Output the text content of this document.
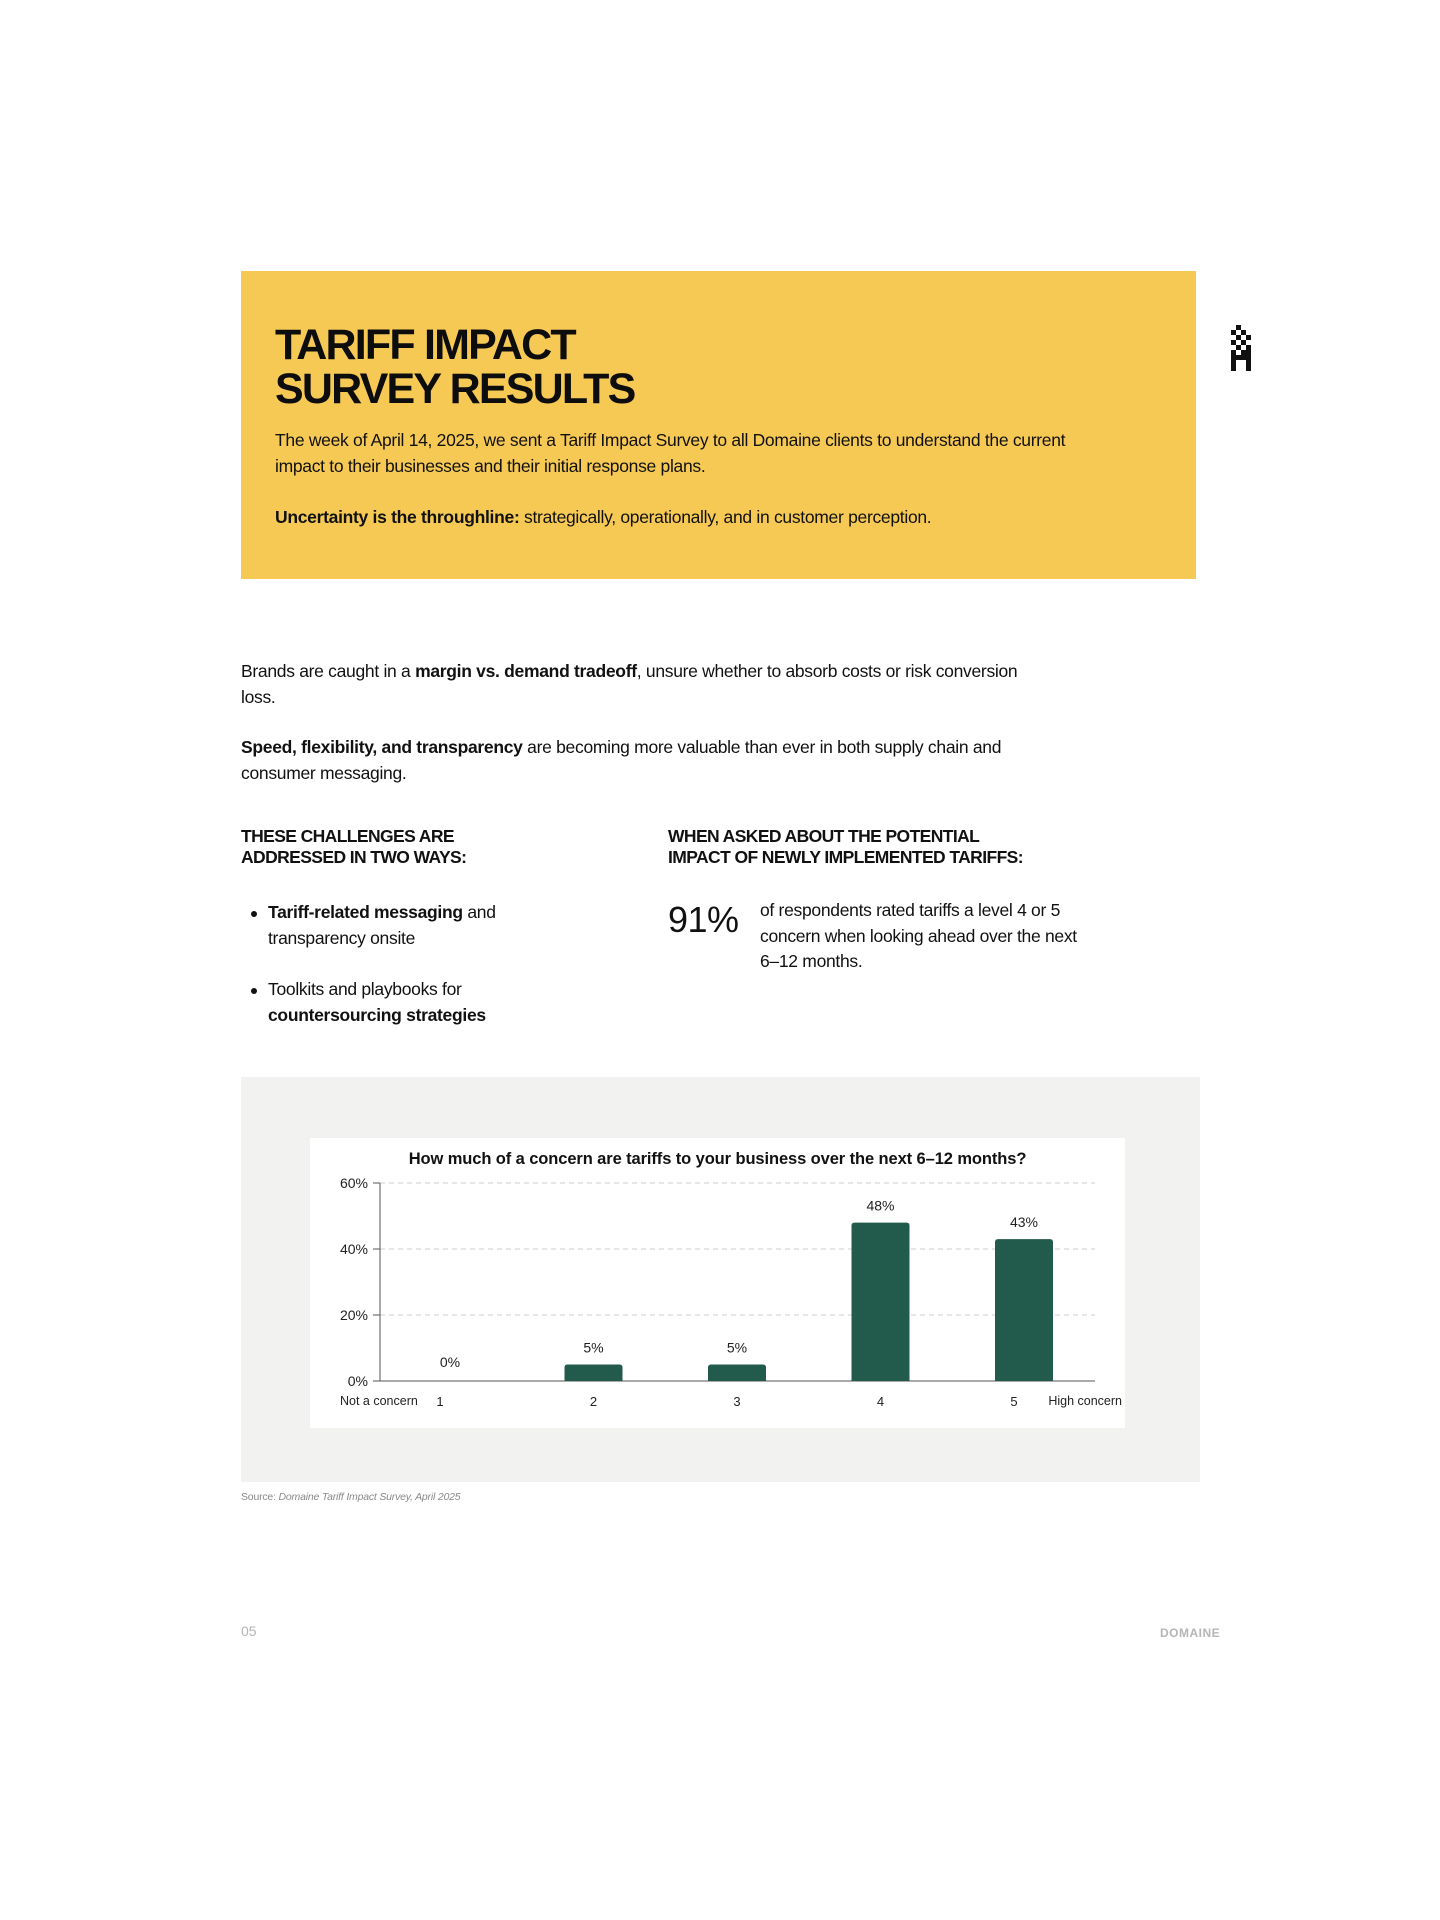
TARIFF IMPACT
SURVEY RESULTS

The week of April 14, 2025, we sent a Tariff Impact Survey to all Domaine clients to understand the current impact to their businesses and their initial response plans.

Uncertainty is the throughline: strategically, operationally, and in customer perception.

Brands are caught in a margin vs. demand tradeoff, unsure whether to absorb costs or risk conversion loss.

Speed, flexibility, and transparency are becoming more valuable than ever in both supply chain and consumer messaging.

THESE CHALLENGES ARE
ADDRESSED IN TWO WAYS:
Tariff-related messaging and transparency onsite
Toolkits and playbooks for countersourcing strategies
WHEN ASKED ABOUT THE POTENTIAL
IMPACT OF NEWLY IMPLEMENTED TARIFFS:

91% of respondents rated tariffs a level 4 or 5 concern when looking ahead over the next 6–12 months.

How much of a concern are tariffs to your business over the next 6–12 months?
0%
20%
40%
60%
0%
1
5%
2
5%
3
48%
4
43%
5
Not a concern	High concern

Source: Domaine Tariff Impact Survey, April 2025

05	DOMAINE
